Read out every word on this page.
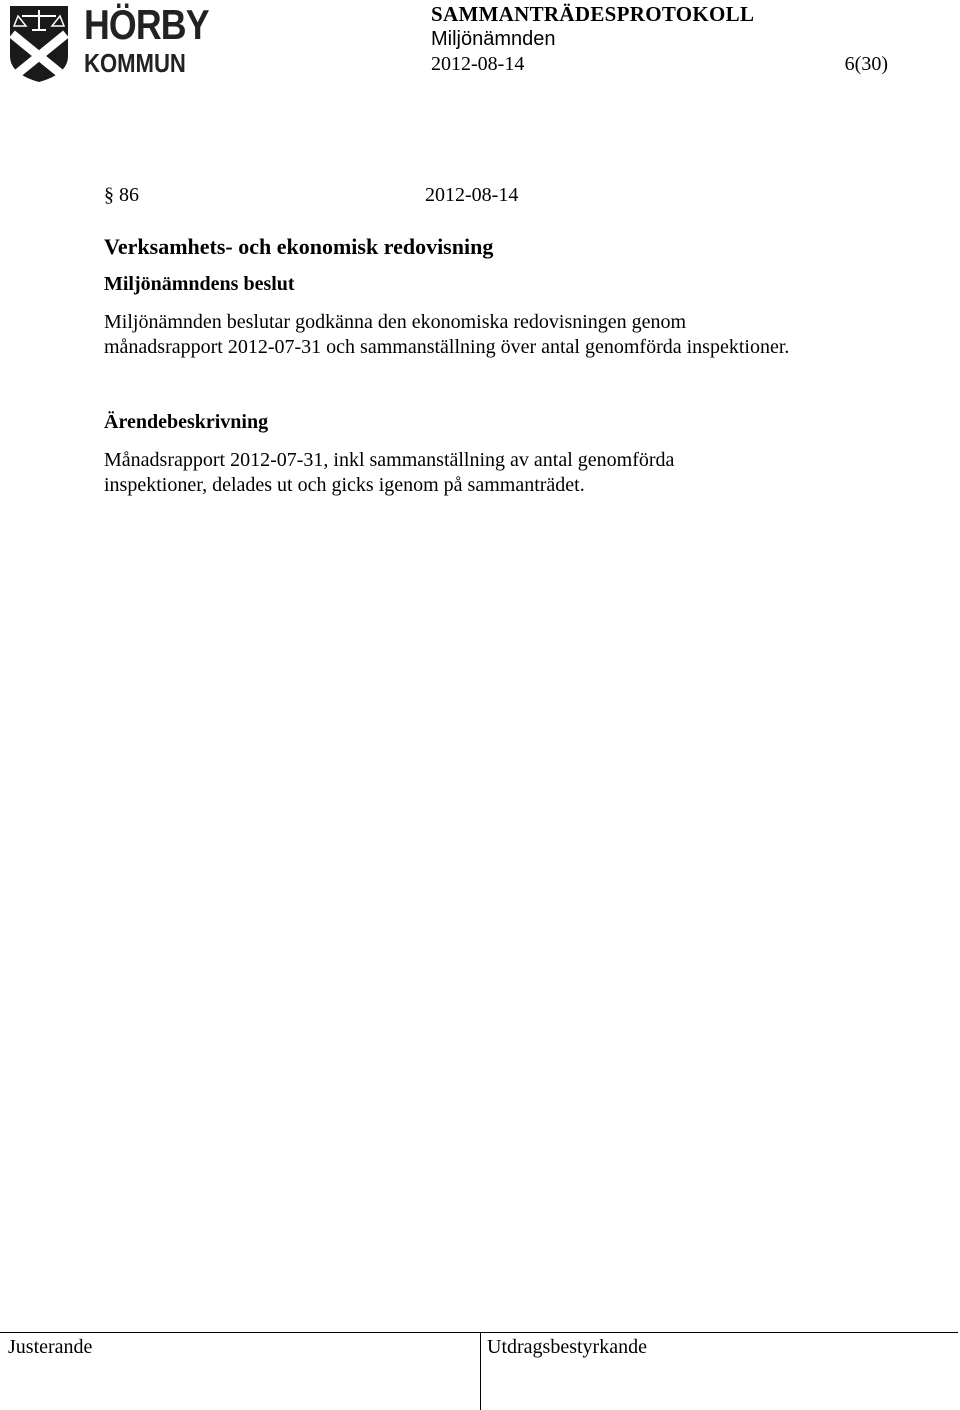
HÖRBY
KOMMUN
SAMMANTRÄDESPROTOKOLL
Miljönämnden
2012-08-14	6(30)
§ 86	2012-08-14
Verksamhets- och ekonomisk redovisning
Miljönämndens beslut
Miljönämnden beslutar godkänna den ekonomiska redovisningen genom månadsrapport 2012-07-31 och sammanställning över antal genomförda inspektioner.
Ärendebeskrivning
Månadsrapport 2012-07-31, inkl sammanställning av antal genomförda inspektioner, delades ut och gicks igenom på sammanträdet.
Justerande	Utdragsbestyrkande
